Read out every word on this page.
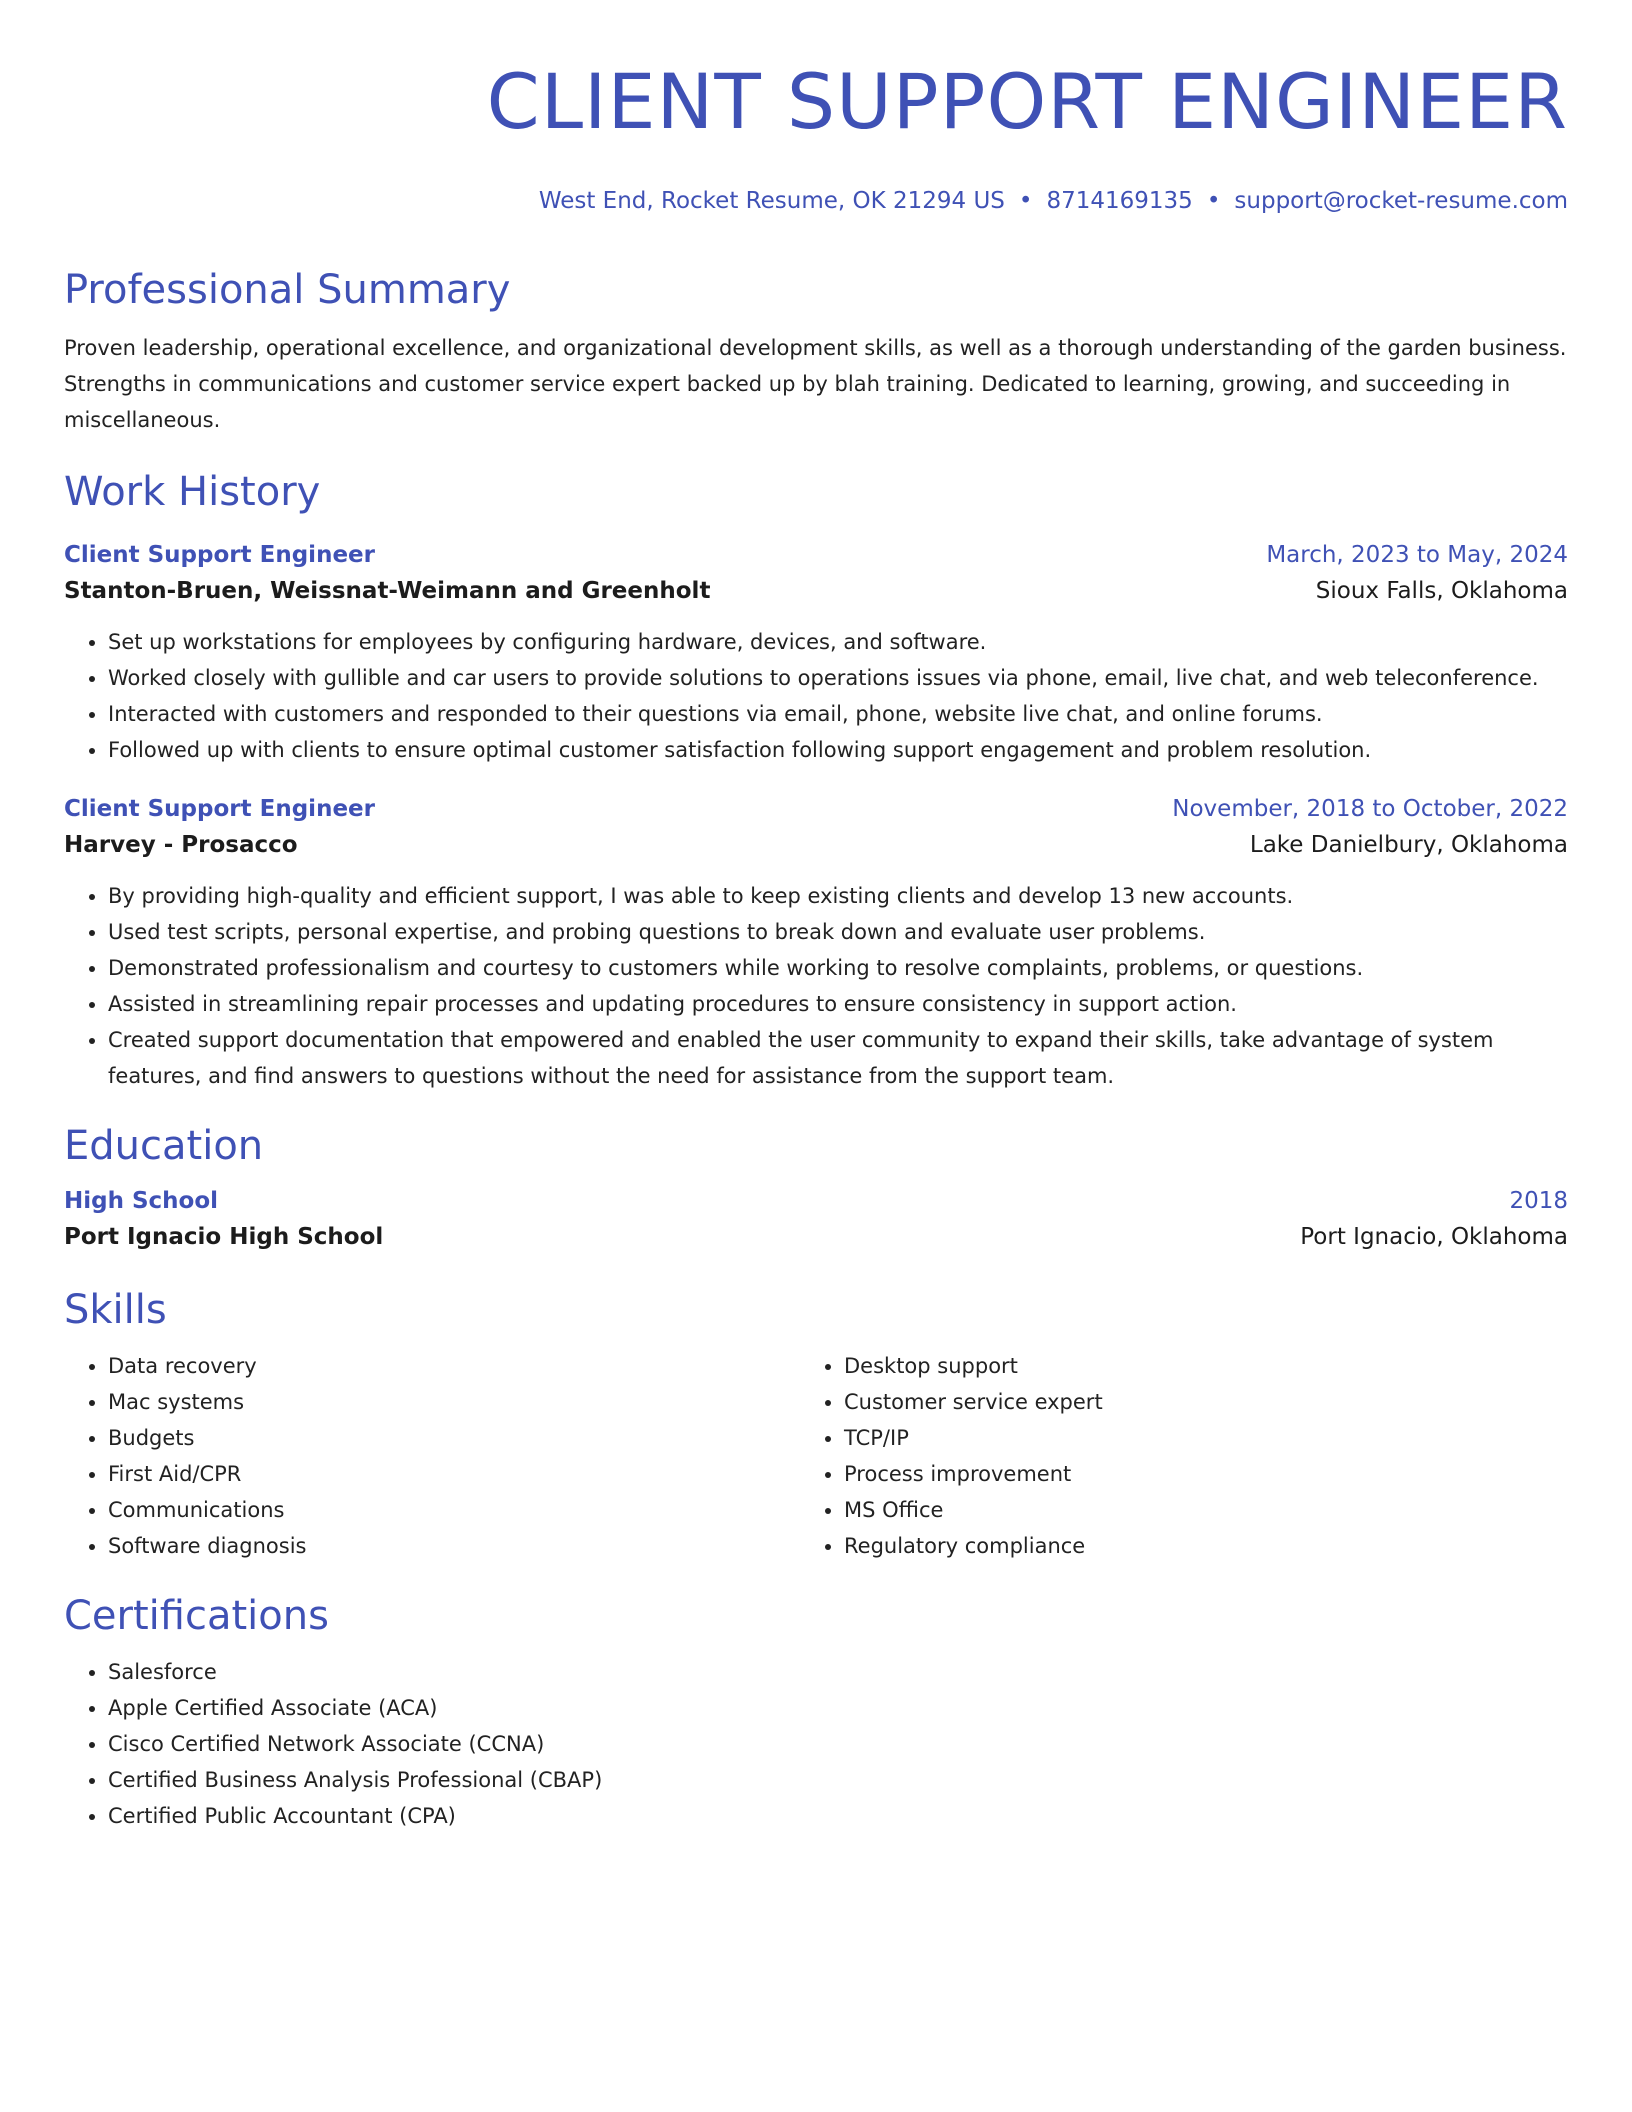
CLIENT SUPPORT ENGINEER
West End, Rocket Resume, OK 21294 US • 8714169135 • support@rocket-resume.com
Professional Summary
Proven leadership, operational excellence, and organizational development skills, as well as a thorough understanding of the garden business. Strengths in communications and customer service expert backed up by blah training. Dedicated to learning, growing, and succeeding in miscellaneous.
Work History
Client Support Engineer	March, 2023 to May, 2024
Stanton-Bruen, Weissnat-Weimann and Greenholt	Sioux Falls, Oklahoma
• Set up workstations for employees by configuring hardware, devices, and software.
• Worked closely with gullible and car users to provide solutions to operations issues via phone, email, live chat, and web teleconference.
• Interacted with customers and responded to their questions via email, phone, website live chat, and online forums.
• Followed up with clients to ensure optimal customer satisfaction following support engagement and problem resolution.
Client Support Engineer	November, 2018 to October, 2022
Harvey - Prosacco	Lake Danielbury, Oklahoma
• By providing high-quality and efficient support, I was able to keep existing clients and develop 13 new accounts.
• Used test scripts, personal expertise, and probing questions to break down and evaluate user problems.
• Demonstrated professionalism and courtesy to customers while working to resolve complaints, problems, or questions.
• Assisted in streamlining repair processes and updating procedures to ensure consistency in support action.
• Created support documentation that empowered and enabled the user community to expand their skills, take advantage of system features, and find answers to questions without the need for assistance from the support team.
Education
High School	2018
Port Ignacio High School	Port Ignacio, Oklahoma
Skills
• Data recovery
• Mac systems
• Budgets
• First Aid/CPR
• Communications
• Software diagnosis
• Desktop support
• Customer service expert
• TCP/IP
• Process improvement
• MS Office
• Regulatory compliance
Certifications
• Salesforce
• Apple Certified Associate (ACA)
• Cisco Certified Network Associate (CCNA)
• Certified Business Analysis Professional (CBAP)
• Certified Public Accountant (CPA)
